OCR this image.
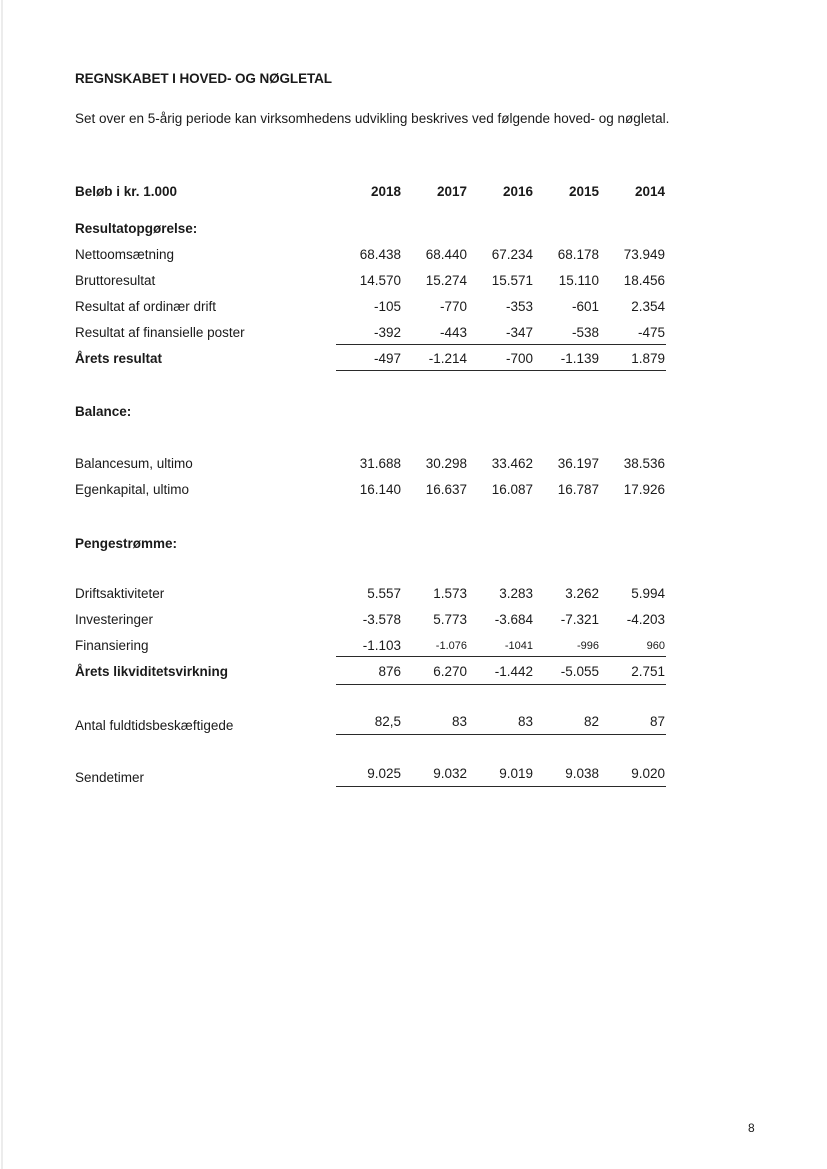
REGNSKABET I HOVED- OG NØGLETAL
Set over en 5-årig periode kan virksomhedens udvikling beskrives ved følgende hoved- og nøgletal.
Beløb i kr. 1.000	2018	2017	2016	2015	2014
Resultatopgørelse:
Nettoomsætning	68.438	68.440	67.234	68.178	73.949
Bruttoresultat	14.570	15.274	15.571	15.110	18.456
Resultat af ordinær drift	-105	-770	-353	-601	2.354
Resultat af finansielle poster	-392	-443	-347	-538	-475
Årets resultat	-497	-1.214	-700	-1.139	1.879
Balance:
Balancesum, ultimo	31.688	30.298	33.462	36.197	38.536
Egenkapital, ultimo	16.140	16.637	16.087	16.787	17.926
Pengestrømme:
Driftsaktiviteter	5.557	1.573	3.283	3.262	5.994
Investeringer	-3.578	5.773	-3.684	-7.321	-4.203
Finansiering	-1.103	-1.076	-1041	-996	960
Årets likviditetsvirkning	876	6.270	-1.442	-5.055	2.751
Antal fuldtidsbeskæftigede	82,5	83	83	82	87
Sendetimer	9.025	9.032	9.019	9.038	9.020
8
